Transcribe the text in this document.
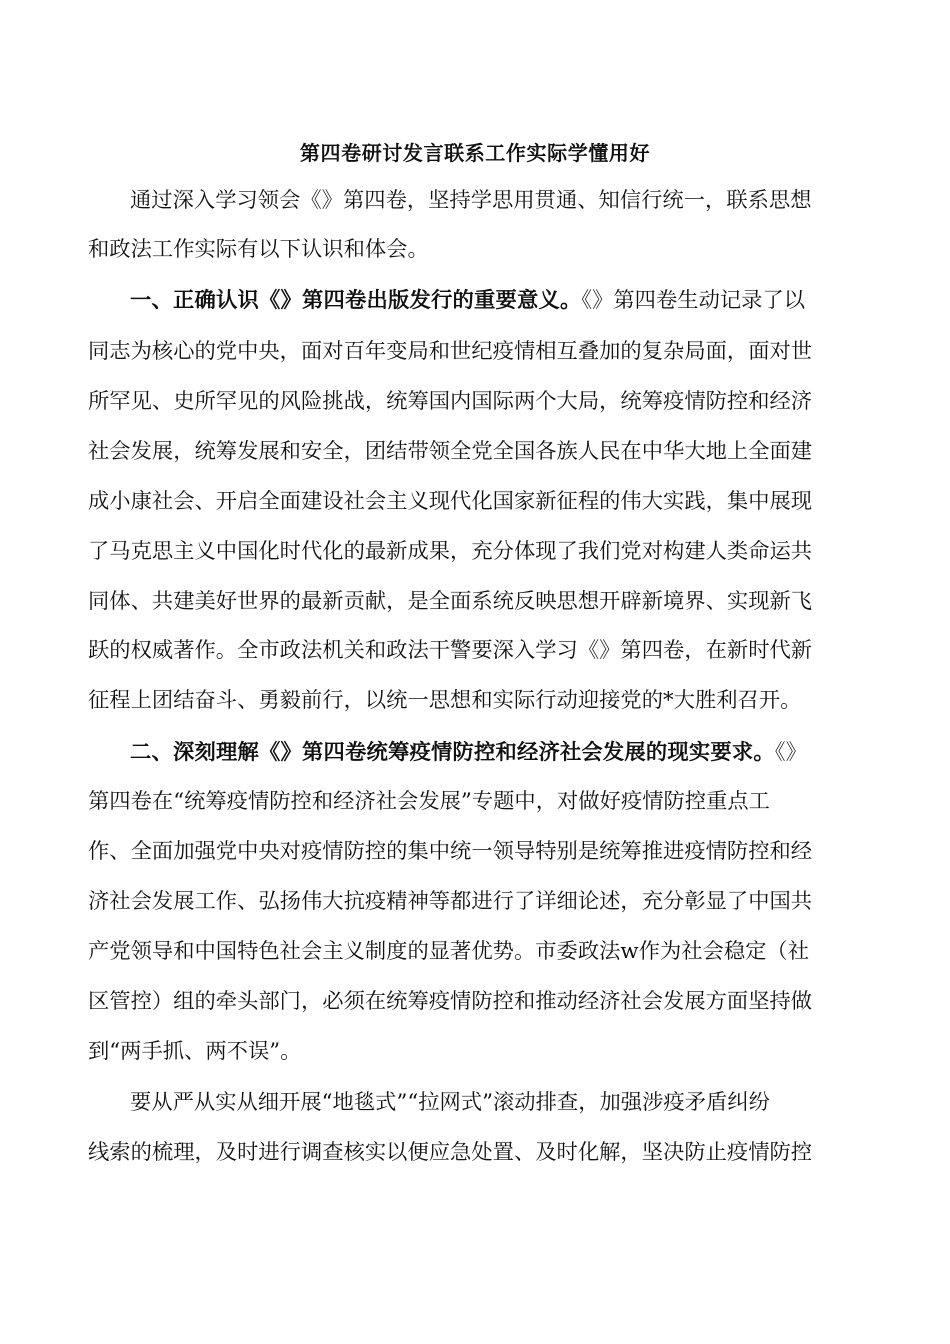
第四卷研讨发言联系工作实际学懂用好

通过深入学习领会《》第四卷，坚持学思用贯通、知信行统一，联系思想

和政法工作实际有以下认识和体会。

一、正确认识《》第四卷出版发行的重要意义。《》第四卷生动记录了以

同志为核心的党中央，面对百年变局和世纪疫情相互叠加的复杂局面，面对世

所罕见、史所罕见的风险挑战，统筹国内国际两个大局，统筹疫情防控和经济

社会发展，统筹发展和安全，团结带领全党全国各族人民在中华大地上全面建

成小康社会、开启全面建设社会主义现代化国家新征程的伟大实践，集中展现

了马克思主义中国化时代化的最新成果，充分体现了我们党对构建人类命运共

同体、共建美好世界的最新贡献，是全面系统反映思想开辟新境界、实现新飞

跃的权威著作。全市政法机关和政法干警要深入学习《》第四卷，在新时代新

征程上团结奋斗、勇毅前行，以统一思想和实际行动迎接党的*大胜利召开。

二、深刻理解《》第四卷统筹疫情防控和经济社会发展的现实要求。《》

第四卷在“统筹疫情防控和经济社会发展”专题中，对做好疫情防控重点工

作、全面加强党中央对疫情防控的集中统一领导特别是统筹推进疫情防控和经

济社会发展工作、弘扬伟大抗疫精神等都进行了详细论述，充分彰显了中国共

产党领导和中国特色社会主义制度的显著优势。市委政法w作为社会稳定（社

区管控）组的牵头部门，必须在统筹疫情防控和推动经济社会发展方面坚持做

到“两手抓、两不误”。

要从严从实从细开展“地毯式”“拉网式”滚动排查，加强涉疫矛盾纠纷

线索的梳理，及时进行调查核实以便应急处置、及时化解，坚决防止疫情防控
